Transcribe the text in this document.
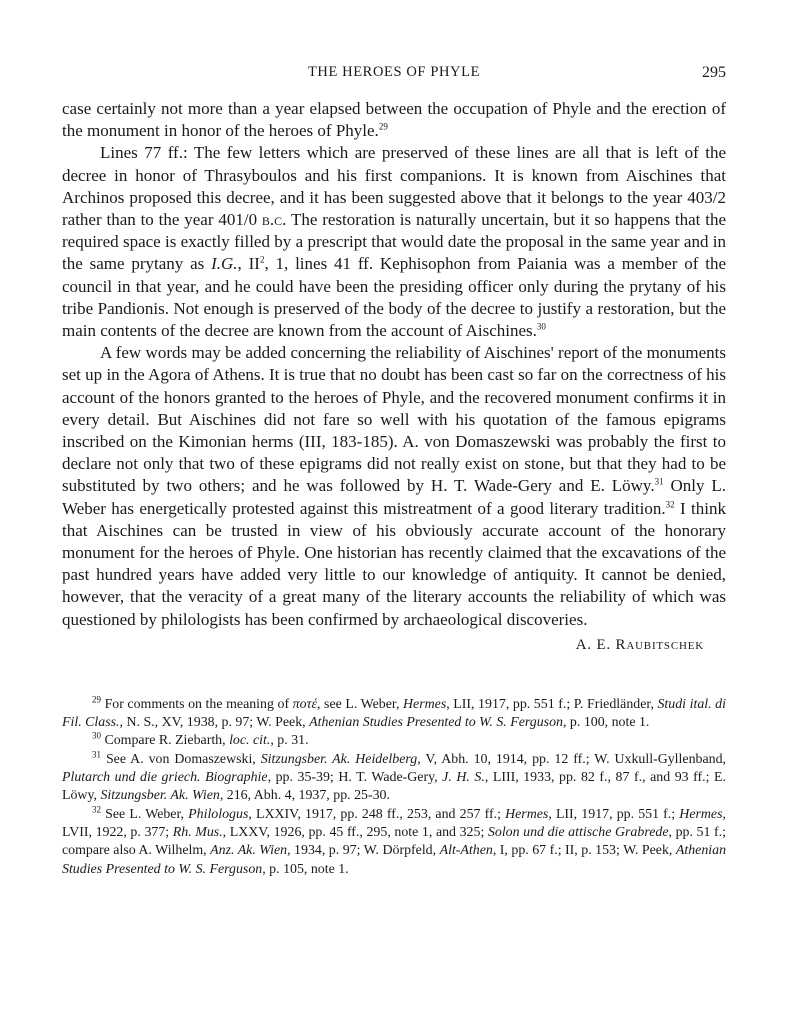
THE HEROES OF PHYLE	295

case certainly not more than a year elapsed between the occupation of Phyle and the erection of the monument in honor of the heroes of Phyle.$^{29}$

Lines 77 ff.: The few letters which are preserved of these lines are all that is left of the decree in honor of Thrasyboulos and his first companions. It is known from Aischines that Archinos proposed this decree, and it has been suggested above that it belongs to the year 403/2 rather than to the year 401/0 b.c. The restoration is naturally uncertain, but it so happens that the required space is exactly filled by a prescript that would date the proposal in the same year and in the same prytany as I.G., $II^2$, 1, lines 41 ff. Kephisophon from Paiania was a member of the council in that year, and he could have been the presiding officer only during the prytany of his tribe Pandionis. Not enough is preserved of the body of the decree to justify a restoration, but the main contents of the decree are known from the account of Aischines.$^{30}$

A few words may be added concerning the reliability of Aischines' report of the monuments set up in the Agora of Athens. It is true that no doubt has been cast so far on the correctness of his account of the honors granted to the heroes of Phyle, and the recovered monument confirms it in every detail. But Aischines did not fare so well with his quotation of the famous epigrams inscribed on the Kimonian herms (III, 183-185). A. von Domaszewski was probably the first to declare not only that two of these epigrams did not really exist on stone, but that they had to be substituted by two others; and he was followed by H. T. Wade-Gery and E. Löwy.$^{31}$ Only L. Weber has energetically protested against this mistreatment of a good literary tradition.$^{32}$ I think that Aischines can be trusted in view of his obviously accurate account of the honorary monument for the heroes of Phyle. One historian has recently claimed that the excavations of the past hundred years have added very little to our knowledge of antiquity. It cannot be denied, however, that the veracity of a great many of the literary accounts the reliability of which was questioned by philologists has been confirmed by archaeological discoveries.

A. E. Raubitschek

$^{29}$ For comments on the meaning of ποτέ, see L. Weber, Hermes, LII, 1917, pp. 551 f.; P. Friedländer, Studi ital. di Fil. Class., N. S., XV, 1938, p. 97; W. Peek, Athenian Studies Presented to W. S. Ferguson, p. 100, note 1.

$^{30}$ Compare R. Ziebarth, loc. cit., p. 31.

$^{31}$ See A. von Domaszewski, Sitzungsber. Ak. Heidelberg, V, Abh. 10, 1914, pp. 12 ff.; W. Uxkull-Gyllenband, Plutarch und die griech. Biographie, pp. 35-39; H. T. Wade-Gery, J. H. S., LIII, 1933, pp. 82 f., 87 f., and 93 ff.; E. Löwy, Sitzungsber. Ak. Wien, 216, Abh. 4, 1937, pp. 25-30.

$^{32}$ See L. Weber, Philologus, LXXIV, 1917, pp. 248 ff., 253, and 257 ff.; Hermes, LII, 1917, pp. 551 f.; Hermes, LVII, 1922, p. 377; Rh. Mus., LXXV, 1926, pp. 45 ff., 295, note 1, and 325; Solon und die attische Grabrede, pp. 51 f.; compare also A. Wilhelm, Anz. Ak. Wien, 1934, p. 97; W. Dörpfeld, Alt-Athen, I, pp. 67 f.; II, p. 153; W. Peek, Athenian Studies Presented to W. S. Ferguson, p. 105, note 1.
